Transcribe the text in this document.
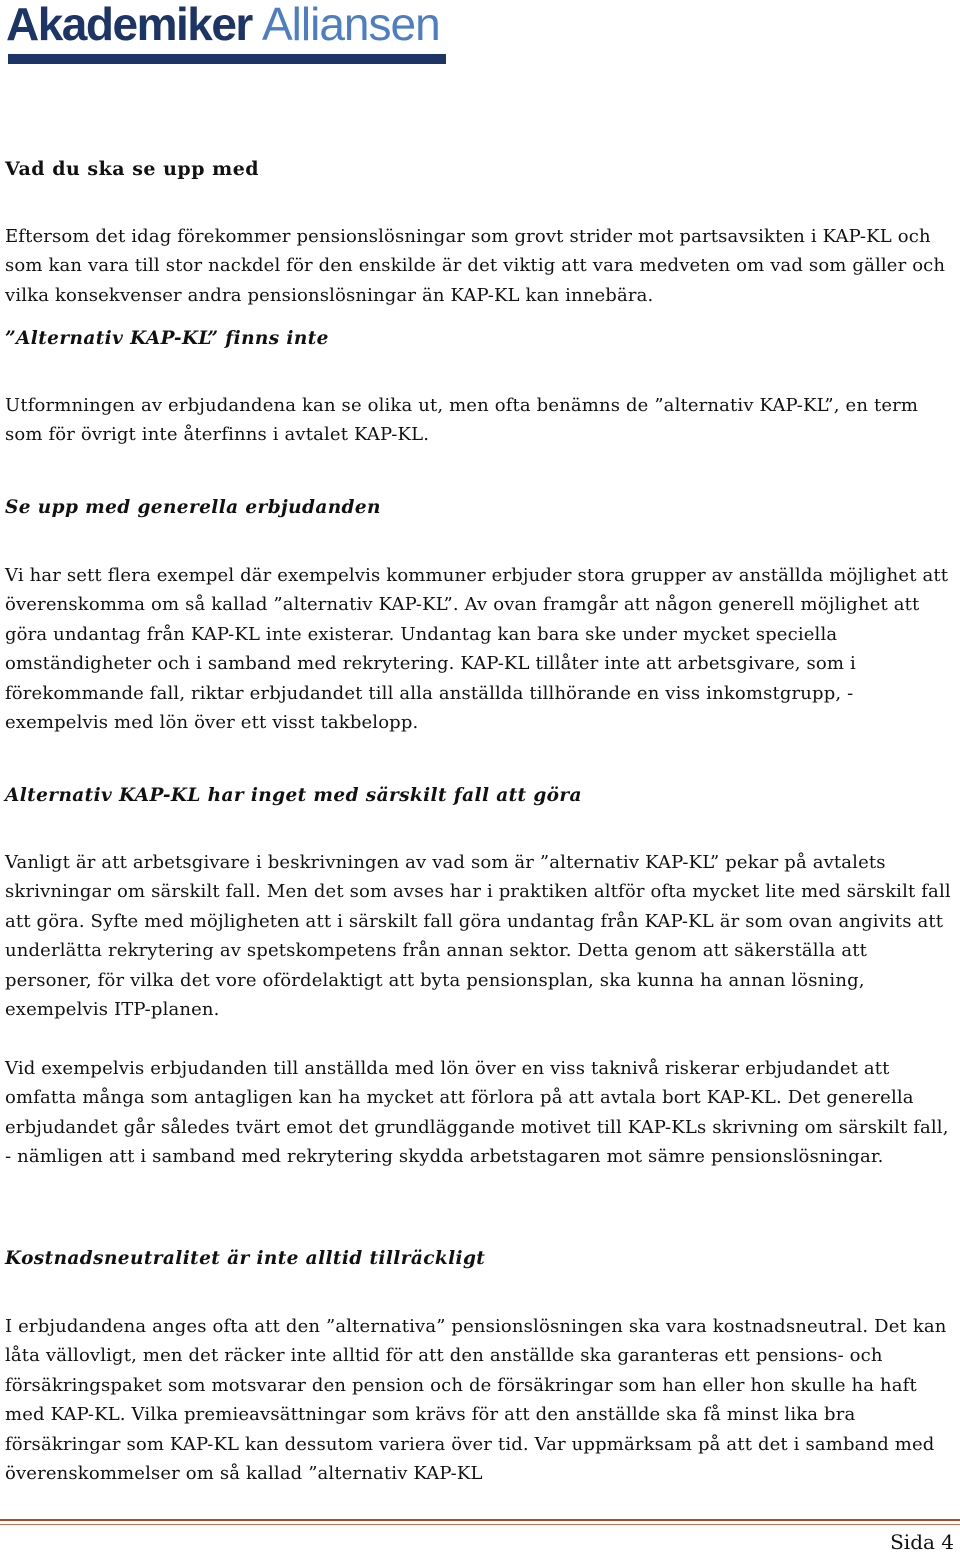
Akademiker Alliansen
Vad du ska se upp med

Eftersom det idag förekommer pensionslösningar som grovt strider mot partsavsikten i KAP-KL och som kan vara till stor nackdel för den enskilde är det viktig att vara medveten om vad som gäller och vilka konsekvenser andra pensionslösningar än KAP-KL kan innebära.

”Alternativ KAP-KL” finns inte

Utformningen av erbjudandena kan se olika ut, men ofta benämns de ”alternativ KAP-KL”, en term som för övrigt inte återfinns i avtalet KAP-KL.

Se upp med generella erbjudanden

Vi har sett flera exempel där exempelvis kommuner erbjuder stora grupper av anställda möjlighet att överenskomma om så kallad ”alternativ KAP-KL”. Av ovan framgår att någon generell möjlighet att göra undantag från KAP-KL inte existerar. Undantag kan bara ske under mycket speciella omständigheter och i samband med rekrytering. KAP-KL tillåter inte att arbetsgivare, som i förekommande fall, riktar erbjudandet till alla anställda tillhörande en viss inkomstgrupp, - exempelvis med lön över ett visst takbelopp.

Alternativ KAP-KL har inget med särskilt fall att göra

Vanligt är att arbetsgivare i beskrivningen av vad som är ”alternativ KAP-KL” pekar på avtalets skrivningar om särskilt fall. Men det som avses har i praktiken altför ofta mycket lite med särskilt fall att göra. Syfte med möjligheten att i särskilt fall göra undantag från KAP-KL är som ovan angivits att underlätta rekrytering av spetskompetens från annan sektor. Detta genom att säkerställa att personer, för vilka det vore ofördelaktigt att byta pensionsplan, ska kunna ha annan lösning, exempelvis ITP-planen.

Vid exempelvis erbjudanden till anställda med lön över en viss taknivå riskerar erbjudandet att omfatta många som antagligen kan ha mycket att förlora på att avtala bort KAP-KL. Det generella erbjudandet går således tvärt emot det grundläggande motivet till KAP-KLs skrivning om särskilt fall, - nämligen att i samband med rekrytering skydda arbetstagaren mot sämre pensionslösningar.

Kostnadsneutralitet är inte alltid tillräckligt

I erbjudandena anges ofta att den ”alternativa” pensionslösningen ska vara kostnadsneutral. Det kan låta vällovligt, men det räcker inte alltid för att den anställde ska garanteras ett pensions- och försäkringspaket som motsvarar den pension och de försäkringar som han eller hon skulle ha haft med KAP-KL. Vilka premieavsättningar som krävs för att den anställde ska få minst lika bra försäkringar som KAP-KL kan dessutom variera över tid. Var uppmärksam på att det i samband med överenskommelser om så kallad ”alternativ KAP-KL

Sida 4
